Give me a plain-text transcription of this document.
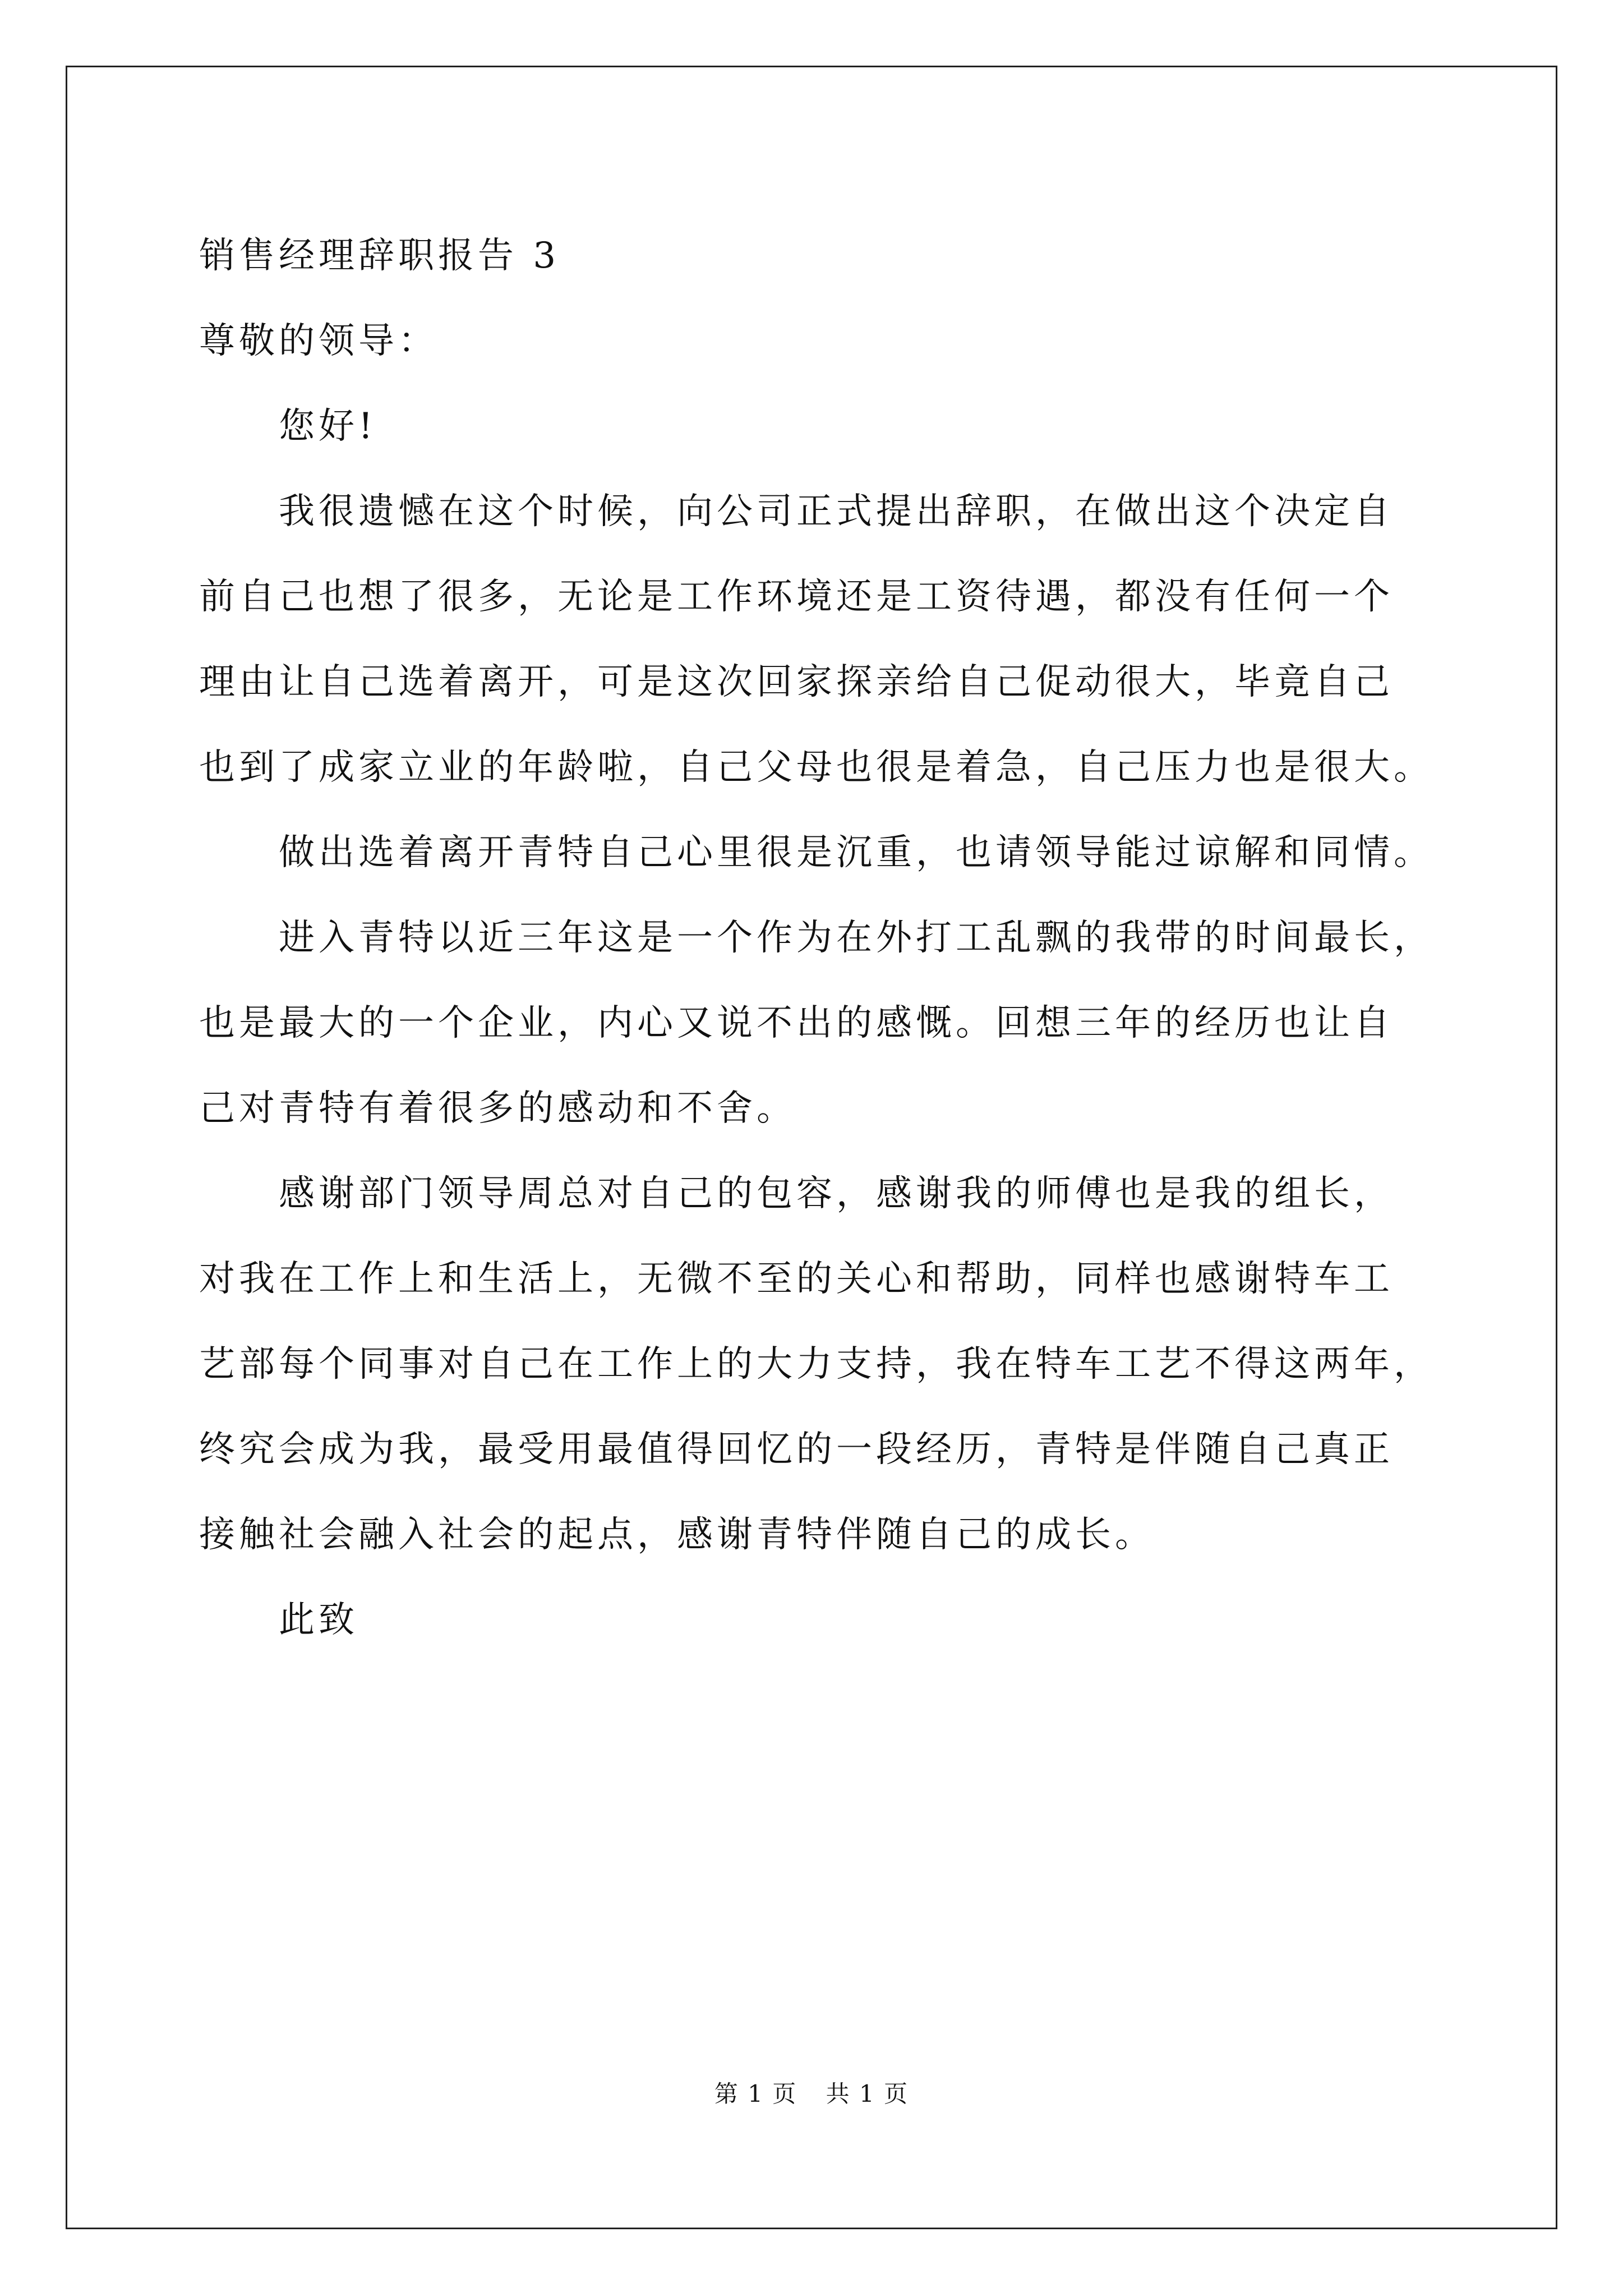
销售经理辞职报告 3
尊敬的领导：
您好!
我很遗憾在这个时候，向公司正式提出辞职，在做出这个决定自
前自己也想了很多，无论是工作环境还是工资待遇，都没有任何一个
理由让自己选着离开，可是这次回家探亲给自己促动很大，毕竟自己
也到了成家立业的年龄啦，自己父母也很是着急，自己压力也是很大。
做出选着离开青特自己心里很是沉重，也请领导能过谅解和同情。
进入青特以近三年这是一个作为在外打工乱飘的我带的时间最长，
也是最大的一个企业，内心又说不出的感慨。回想三年的经历也让自
己对青特有着很多的感动和不舍。
感谢部门领导周总对自己的包容，感谢我的师傅也是我的组长，
对我在工作上和生活上，无微不至的关心和帮助，同样也感谢特车工
艺部每个同事对自己在工作上的大力支持，我在特车工艺不得这两年，
终究会成为我，最受用最值得回忆的一段经历，青特是伴随自己真正
接触社会融入社会的起点，感谢青特伴随自己的成长。
此致
第 1 页 共 1 页
